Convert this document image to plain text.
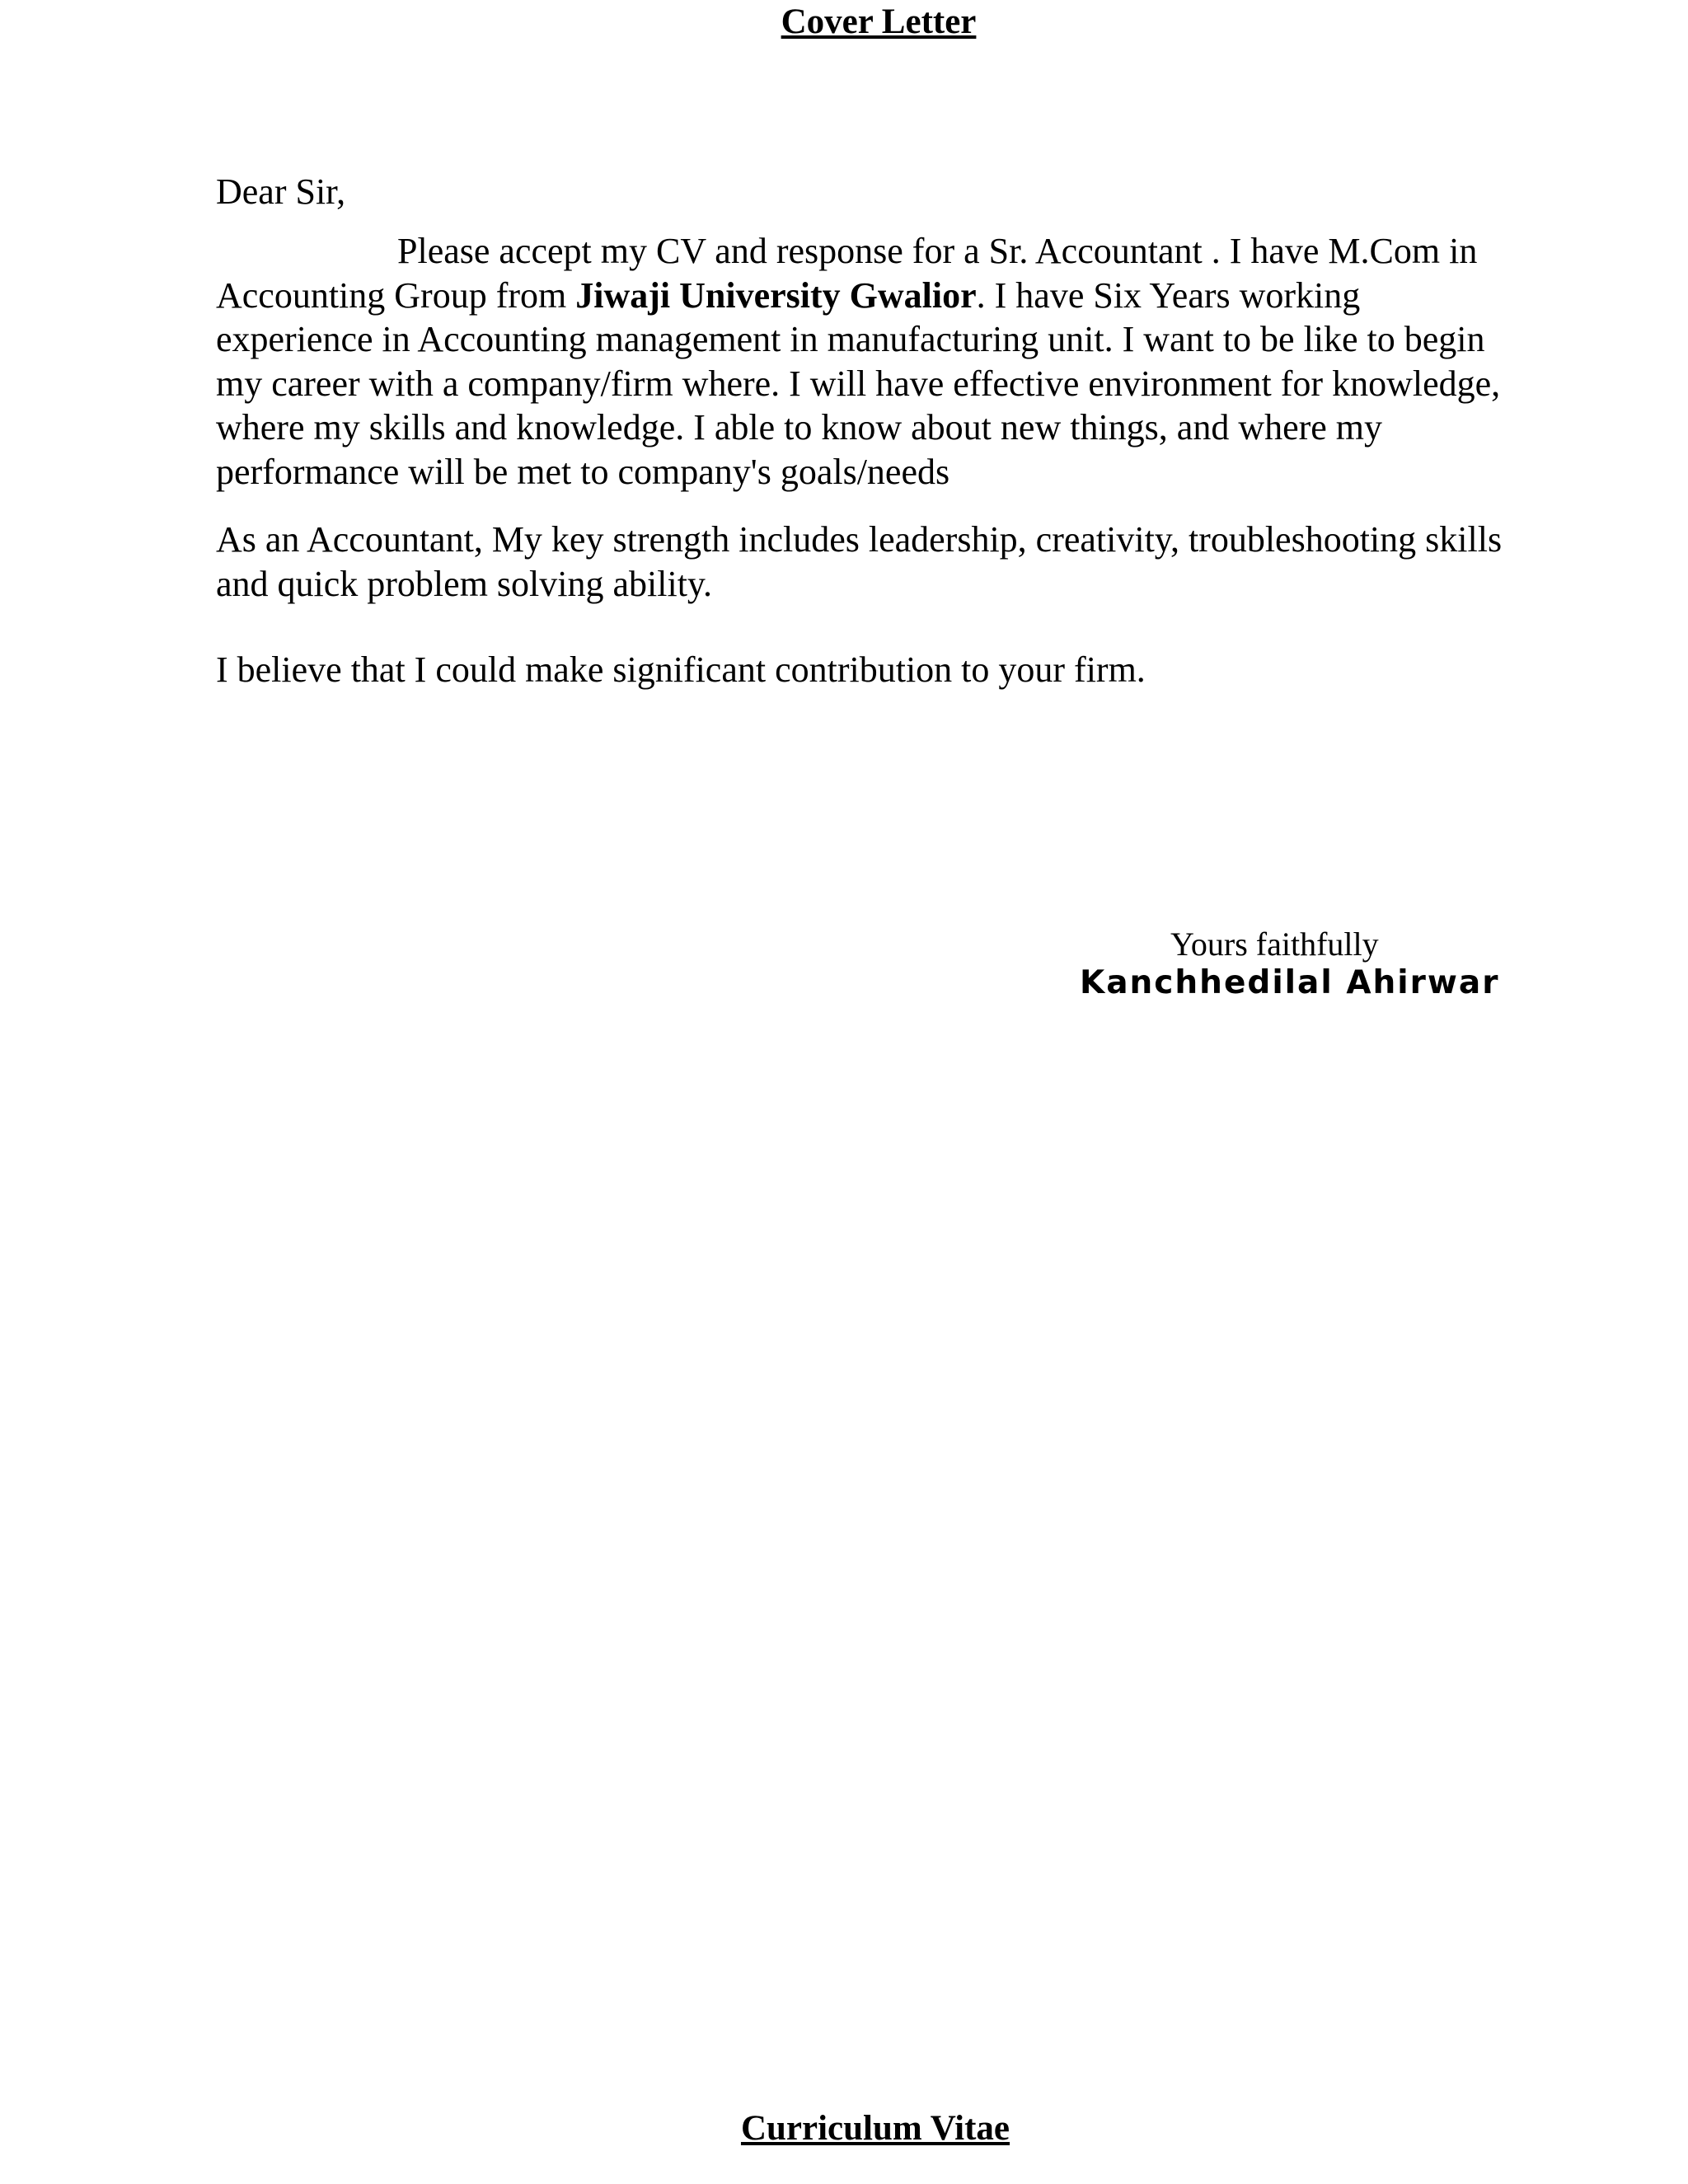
Cover Letter
Dear Sir,
Please accept my CV and response for a Sr. Accountant . I have M.Com in Accounting Group from Jiwaji University Gwalior. I have Six Years working experience in Accounting management in manufacturing unit. I want to be like to begin my career with a company/firm where. I will have effective environment for knowledge, where my skills and knowledge. I able to know about new things, and where my performance will be met to company's goals/needs
As an Accountant, My key strength includes leadership, creativity, troubleshooting skills and quick problem solving ability.
I believe that I could make significant contribution to your firm.
Yours faithfully
Kanchhedilal Ahirwar
Curriculum Vitae
